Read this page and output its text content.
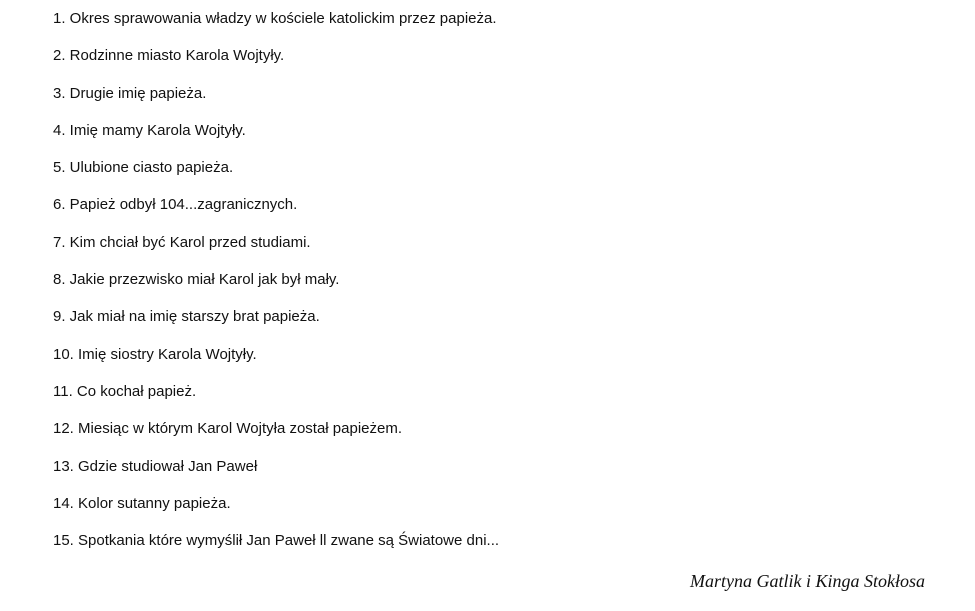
1. Okres sprawowania władzy w kościele katolickim przez papieża.
2. Rodzinne miasto Karola Wojtyły.
3. Drugie imię papieża.
4. Imię mamy Karola Wojtyły.
5. Ulubione ciasto papieża.
6. Papież odbył 104...zagranicznych.
7. Kim chciał być Karol przed studiami.
8. Jakie przezwisko miał Karol jak był mały.
9. Jak miał na imię starszy brat papieża.
10. Imię siostry Karola Wojtyły.
11. Co kochał papież.
12. Miesiąc w którym Karol Wojtyła został papieżem.
13. Gdzie studiował Jan Paweł
14. Kolor sutanny papieża.
15. Spotkania które wymyślił Jan Paweł ll zwane są Światowe dni...
Martyna Gatlik i Kinga Stokłosa
